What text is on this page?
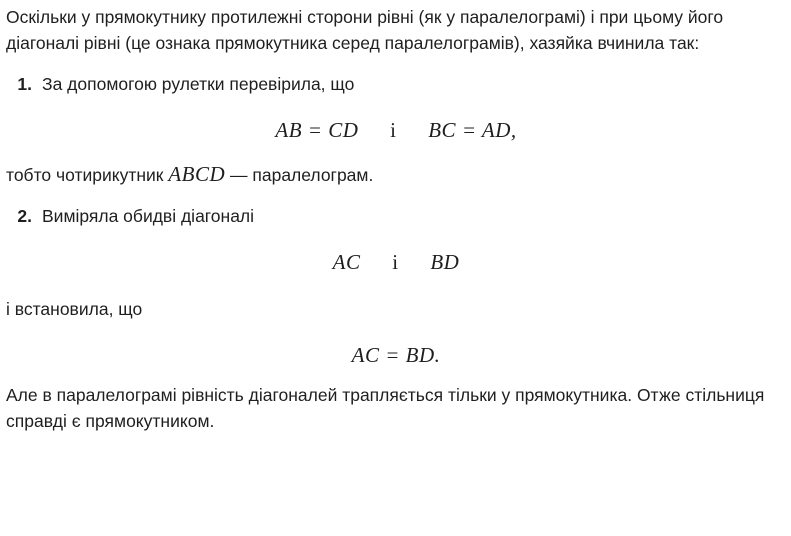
Оскільки у прямокутнику протилежні сторони рівні (як у паралелограмі) і при цьому його діагоналі рівні (це ознака прямокутника серед паралелограмів), хазяйка вчинила так:

1. За допомогою рулетки перевірила, що
AB = CD і BC = AD,

тобто чотирикутник ABCD — паралелограм.

2. Виміряла обидві діагоналі
AC і BD

і встановила, що

AC = BD.

Але в паралелограмі рівність діагоналей трапляється тільки у прямокутника. Отже стільниця справді є прямокутником.
